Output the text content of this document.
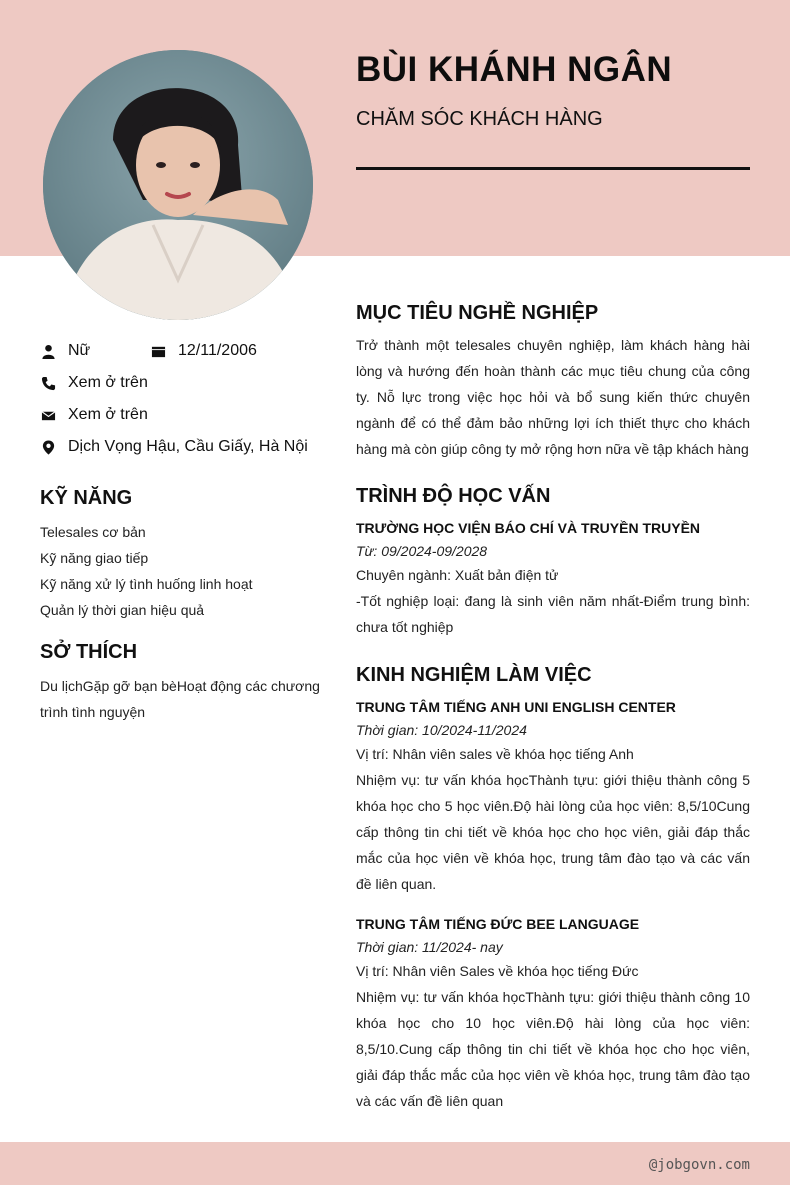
BÙI KHÁNH NGÂN
CHĂM SÓC KHÁCH HÀNG
Nữ	12/11/2006
Xem ở trên
Xem ở trên
Dịch Vọng Hậu, Cầu Giấy, Hà Nội
KỸ NĂNG
Telesales cơ bản
Kỹ năng giao tiếp
Kỹ năng xử lý tình huống linh hoạt
Quản lý thời gian hiệu quả
SỞ THÍCH
Du lịchGặp gỡ bạn bèHoạt động các chương trình tình nguyện
MỤC TIÊU NGHỀ NGHIỆP
Trở thành một telesales chuyên nghiệp, làm khách hàng hài lòng và hướng đến hoàn thành các mục tiêu chung của công ty. Nỗ lực trong việc học hỏi và bổ sung kiến thức chuyên ngành để có thể đảm bảo những lợi ích thiết thực cho khách hàng mà còn giúp công ty mở rộng hơn nữa về tập khách hàng
TRÌNH ĐỘ HỌC VẤN
TRƯỜNG HỌC VIỆN BÁO CHÍ VÀ TRUYỀN TRUYỀN
Từ: 09/2024-09/2028
Chuyên ngành: Xuất bản điện tử
-Tốt nghiệp loại: đang là sinh viên năm nhất-Điểm trung bình: chưa tốt nghiệp
KINH NGHIỆM LÀM VIỆC
TRUNG TÂM TIẾNG ANH UNI ENGLISH CENTER
Thời gian: 10/2024-11/2024
Vị trí: Nhân viên sales về khóa học tiếng Anh
Nhiệm vụ: tư vấn khóa họcThành tựu: giới thiệu thành công 5 khóa học cho 5 học viên.Độ hài lòng của học viên: 8,5/10Cung cấp thông tin chi tiết về khóa học cho học viên, giải đáp thắc mắc của học viên về khóa học, trung tâm đào tạo và các vấn đề liên quan.
TRUNG TÂM TIẾNG ĐỨC BEE LANGUAGE
Thời gian: 11/2024- nay
Vị trí: Nhân viên Sales về khóa học tiếng Đức
Nhiệm vụ: tư vấn khóa họcThành tựu: giới thiệu thành công 10 khóa học cho 10 học viên.Độ hài lòng của học viên: 8,5/10.Cung cấp thông tin chi tiết về khóa học cho học viên, giải đáp thắc mắc của học viên về khóa học, trung tâm đào tạo và các vấn đề liên quan
@jobgovn.com
